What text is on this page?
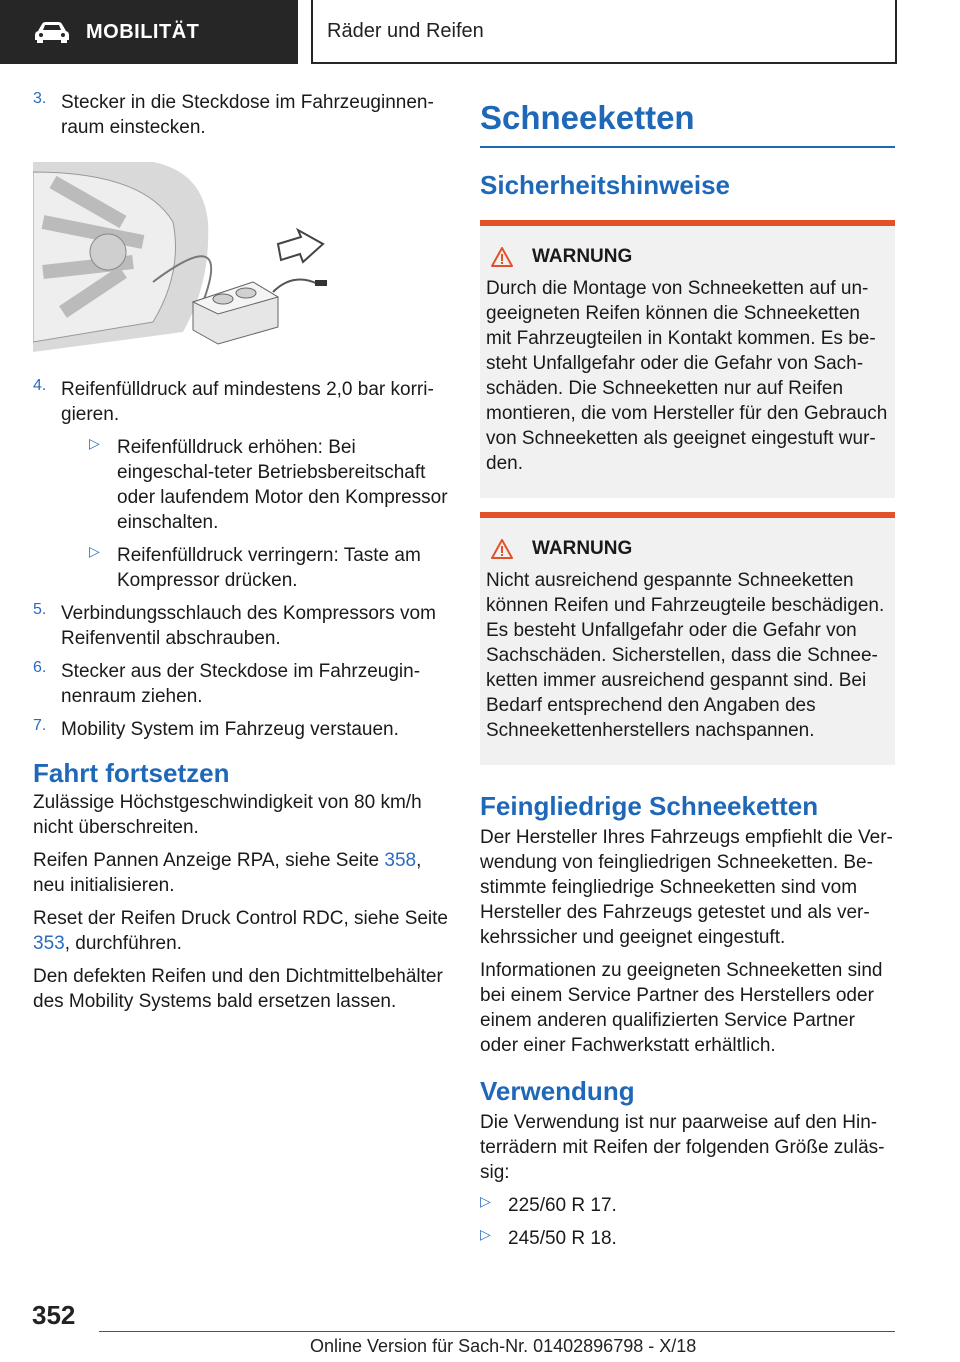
MOBILITÄT	Räder und Reifen
3. Stecker in die Steckdose im Fahrzeuginnen-raum einstecken.

4. Reifenfülldruck auf mindestens 2,0 bar korri-gieren.

▷ Reifenfülldruck erhöhen: Bei eingeschal-teter Betriebsbereitschaft oder laufendem Motor den Kompressor einschalten.

▷ Reifenfülldruck verringern: Taste am Kompressor drücken.

5. Verbindungsschlauch des Kompressors vom Reifenventil abschrauben.

6. Stecker aus der Steckdose im Fahrzeugin-nenraum ziehen.

7. Mobility System im Fahrzeug verstauen.

Fahrt fortsetzen

Zulässige Höchstgeschwindigkeit von 80 km/h nicht überschreiten.

Reifen Pannen Anzeige RPA, siehe Seite 358, neu initialisieren.

Reset der Reifen Druck Control RDC, siehe Seite 353, durchführen.

Den defekten Reifen und den Dichtmittelbehälter des Mobility Systems bald ersetzen lassen.

Schneeketten
Sicherheitshinweise
WARNUNG

Durch die Montage von Schneeketten auf un-geeigneten Reifen können die Schneeketten mit Fahrzeugteilen in Kontakt kommen. Es be-steht Unfallgefahr oder die Gefahr von Sach-schäden. Die Schneeketten nur auf Reifen montieren, die vom Hersteller für den Gebrauch von Schneeketten als geeignet eingestuft wur-den.

WARNUNG

Nicht ausreichend gespannte Schneeketten können Reifen und Fahrzeugteile beschädigen. Es besteht Unfallgefahr oder die Gefahr von Sachschäden. Sicherstellen, dass die Schnee-ketten immer ausreichend gespannt sind. Bei Bedarf entsprechend den Angaben des Schneekettenherstellers nachspannen.

Feingliedrige Schneeketten

Der Hersteller Ihres Fahrzeugs empfiehlt die Ver-wendung von feingliedrigen Schneeketten. Be-stimmte feingliedrige Schneeketten sind vom Hersteller des Fahrzeugs getestet und als ver-kehrssicher und geeignet eingestuft.

Informationen zu geeigneten Schneeketten sind bei einem Service Partner des Herstellers oder einem anderen qualifizierten Service Partner oder einer Fachwerkstatt erhältlich.

Verwendung

Die Verwendung ist nur paarweise auf den Hin-terrädern mit Reifen der folgenden Größe zuläs-sig:

▷ 225/60 R 17.

▷ 245/50 R 18.

352
Online Version für Sach-Nr. 01402896798 - X/18
